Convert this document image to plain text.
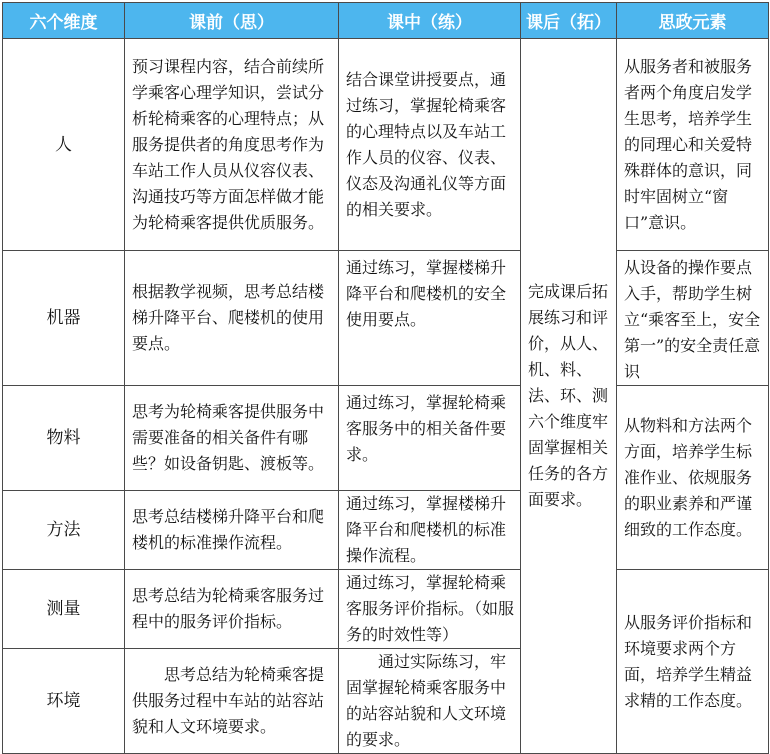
六个维度	课前（思）	课中（练）	课后（拓）	思政元素
人	预习课程内容，结合前续所学乘客心理学知识，尝试分析轮椅乘客的心理特点；从服务提供者的角度思考作为车站工作人员从仪容仪表、沟通技巧等方面怎样做才能为轮椅乘客提供优质服务。	结合课堂讲授要点，通过练习，掌握轮椅乘客的心理特点以及车站工作人员的仪容、仪表、仪态及沟通礼仪等方面的相关要求。	完成课后拓展练习和评价，从人、机、料、法、环、测六个维度牢固掌握相关任务的各方面要求。	从服务者和被服务者两个角度启发学生思考，培养学生的同理心和关爱特殊群体的意识，同时牢固树立“窗口”意识。
机器	根据教学视频，思考总结楼梯升降平台、爬楼机的使用要点。	通过练习，掌握楼梯升降平台和爬楼机的安全使用要点。		从设备的操作要点入手，帮助学生树立“乘客至上，安全第一”的安全责任意识
物料	思考为轮椅乘客提供服务中需要准备的相关备件有哪些？如设备钥匙、渡板等。	通过练习，掌握轮椅乘客服务中的相关备件要求。		从物料和方法两个方面，培养学生标准作业、依规服务的职业素养和严谨细致的工作态度。
方法	思考总结楼梯升降平台和爬楼机的标准操作流程。	通过练习，掌握楼梯升降平台和爬楼机的标准操作流程。		
测量	思考总结为轮椅乘客服务过程中的服务评价指标。	通过练习，掌握轮椅乘客服务评价指标。（如服务的时效性等）		从服务评价指标和环境要求两个方面，培养学生精益求精的工作态度。
环境	思考总结为轮椅乘客提供服务过程中车站的站容站貌和人文环境要求。	通过实际练习，牢固掌握轮椅乘客服务中的站容站貌和人文环境的要求。		
